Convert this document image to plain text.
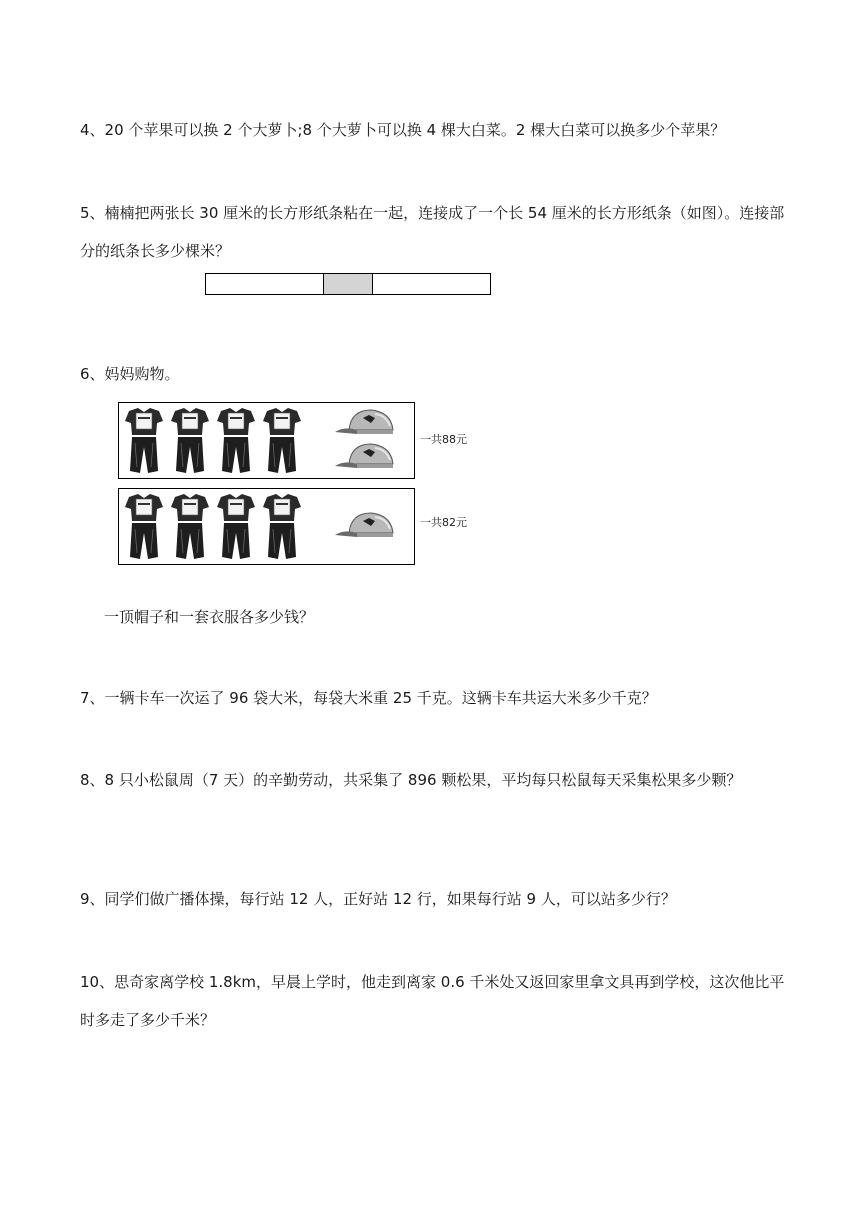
4、20 个苹果可以换 2 个大萝卜;8 个大萝卜可以换 4 棵大白菜。2 棵大白菜可以换多少个苹果？

5、楠楠把两张长 30 厘米的长方形纸条粘在一起，连接成了一个长 54 厘米的长方形纸条（如图）。连接部分的纸条长多少棵米？

6、妈妈购物。

一共88元
一共82元

一顶帽子和一套衣服各多少钱？

7、一辆卡车一次运了 96 袋大米，每袋大米重 25 千克。这辆卡车共运大米多少千克？

8、8 只小松鼠周（7 天）的辛勤劳动，共采集了 896 颗松果，平均每只松鼠每天采集松果多少颗？

9、同学们做广播体操，每行站 12 人，正好站 12 行，如果每行站 9 人，可以站多少行？

10、思奇家离学校 1.8km，早晨上学时，他走到离家 0.6 千米处又返回家里拿文具再到学校，这次他比平时多走了多少千米？
